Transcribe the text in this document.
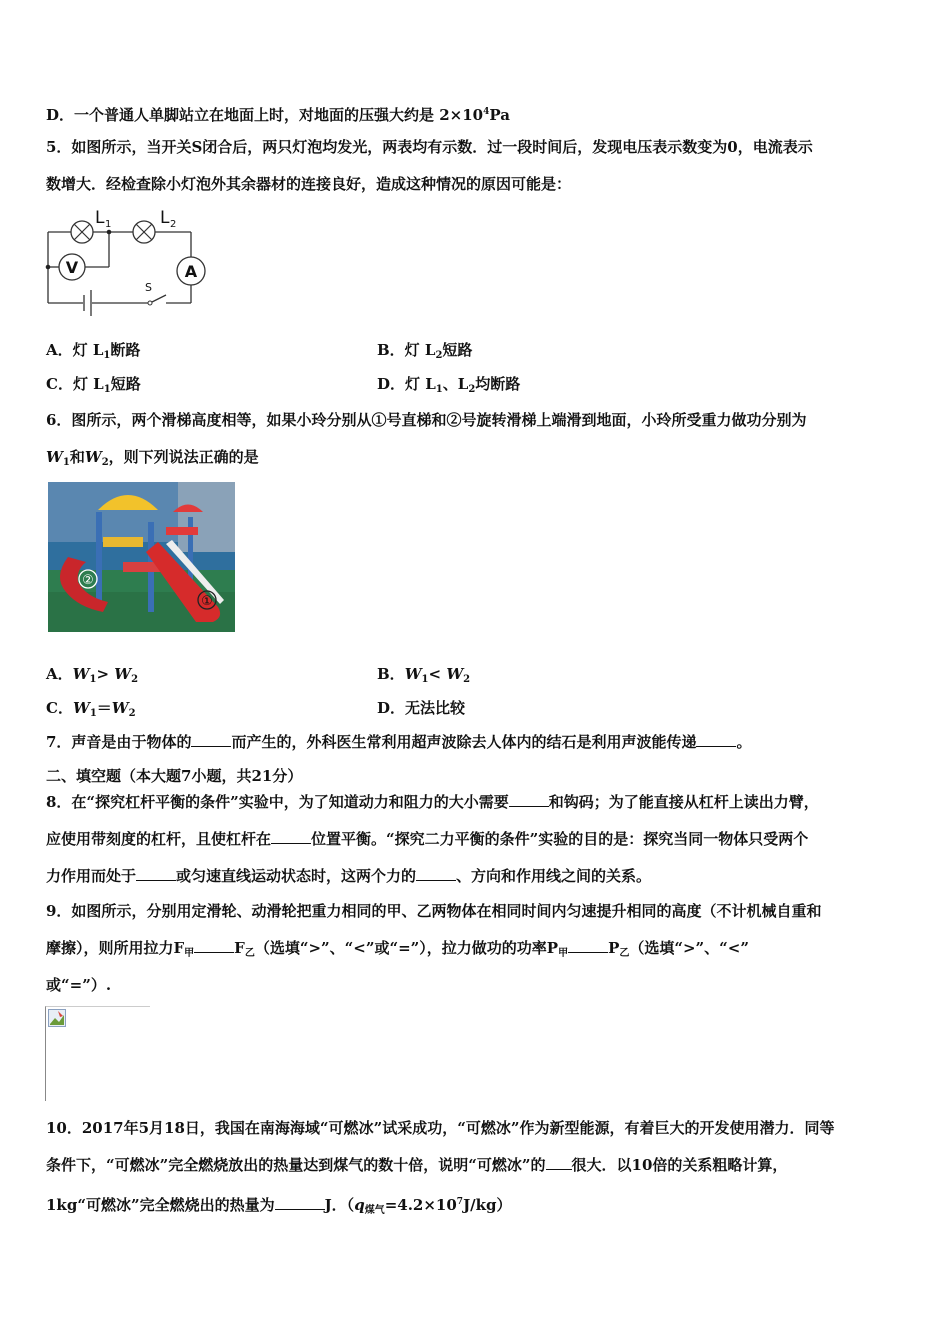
D．一个普通人单脚站立在地面上时，对地面的压强大约是 $2\times 10^4Pa$
5．如图所示，当开关S闭合后，两只灯泡均发光，两表均有示数．过一段时间后，发现电压表示数变为0，电流表示
数增大．经检查除小灯泡外其余器材的连接良好，造成这种情况的原因可能是：
V	A
L 1	L 2
S
A．灯 $L_1$断路	B．灯 $L_2$短路
C．灯 $L_1$短路	D．灯 $L_1$、$L_2$均断路
6．图所示，两个滑梯高度相等，如果小玲分别从①号直梯和②号旋转滑梯上端滑到地面，小玲所受重力做功分别为
$W_1$和$W_2$，则下列说法正确的是
②
①
A．$W_1> W_2$	B．$W_1< W_2$
C．$W_1=W_2$	D．无法比较
7．声音是由于物体的	而产生的，外科医生常利用超声波除去人体内的结石是利用声波能传递	。
二、填空题（本大题7小题，共21分）
8．在“探究杠杆平衡的条件”实验中，为了知道动力和阻力的大小需要	和钩码；为了能直接从杠杆上读出力臂，
应使用带刻度的杠杆，且使杠杆在	位置平衡。“探究二力平衡的条件”实验的目的是：探究当同一物体只受两个
力作用而处于	或匀速直线运动状态时，这两个力的	、方向和作用线之间的关系。
9．如图所示，分别用定滑轮、动滑轮把重力相同的甲、乙两物体在相同时间内匀速提升相同的高度（不计机械自重和
摩擦），则所用拉力$F_甲$	$F_乙$（选填“>”、“<”或“=”），拉力做功的功率$P_甲$	$P_乙$（选填“>”、“<”
或“=”）.
10．2017年5月18日，我国在南海海域“可燃冰”试采成功，“可燃冰”作为新型能源，有着巨大的开发使用潜力．同等
条件下，“可燃冰”完全燃烧放出的热量达到煤气的数十倍，说明“可燃冰”的 很大．以10倍的关系粗略计算，
1kg“可燃冰”完全燃烧出的热量为	J．$(q_{煤气}=4.2\times 10^7J/kg)$
